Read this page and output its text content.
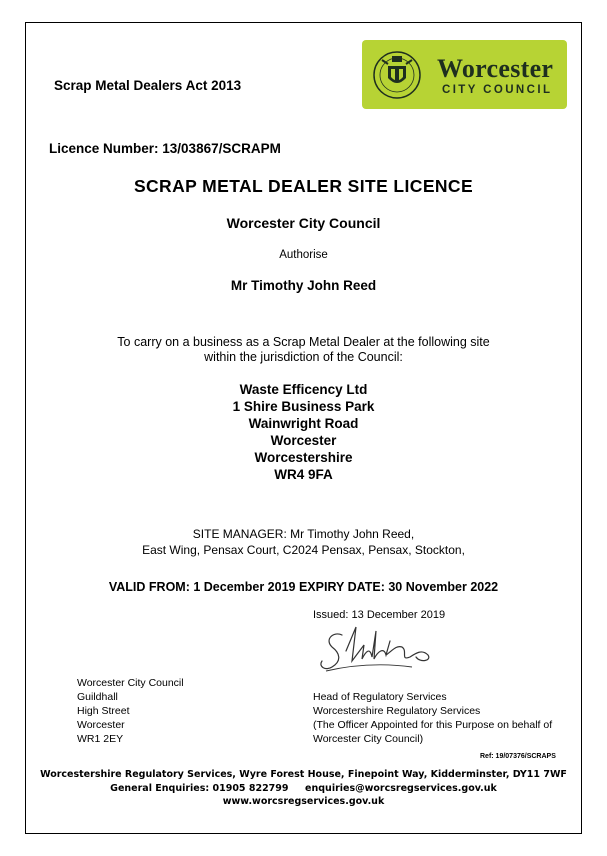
Scrap Metal Dealers Act 2013
Worcester
CITY COUNCIL
Licence Number: 13/03867/SCRAPM
SCRAP METAL DEALER SITE LICENCE
Worcester City Council
Authorise
Mr Timothy John Reed
To carry on a business as a Scrap Metal Dealer at the following site
within the jurisdiction of the Council:
Waste Efficency Ltd
1 Shire Business Park
Wainwright Road
Worcester
Worcestershire
WR4 9FA
SITE MANAGER: Mr Timothy John Reed,
East Wing, Pensax Court, C2024 Pensax, Pensax, Stockton,
VALID FROM: 1 December 2019 EXPIRY DATE: 30 November 2022
Issued: 13 December 2019
Worcester City Council
Guildhall
High Street
Worcester
WR1 2EY
Head of Regulatory Services
Worcestershire Regulatory Services
(The Officer Appointed for this Purpose on behalf of
Worcester City Council)
Ref: 19/07376/SCRAPS
Worcestershire Regulatory Services, Wyre Forest House, Finepoint Way, Kidderminster, DY11 7WF
General Enquiries: 01905 822799     enquiries@worcsregservices.gov.uk
www.worcsregservices.gov.uk
